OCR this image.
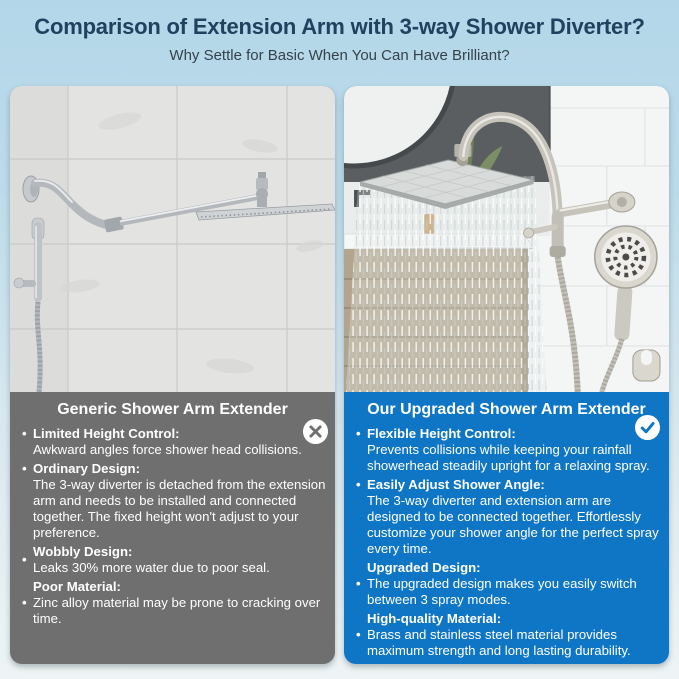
Comparison of Extension Arm with 3-way Shower Diverter?
Why Settle for Basic When You Can Have Brilliant?
Generic Shower Arm Extender
• Limited Height Control:
Awkward angles force shower head collisions.
• Ordinary Design:
The 3-way diverter is detached from the extension arm and needs to be installed and connected together. The fixed height won't adjust to your preference.
•
Wobbly Design:
Leaks 30% more water due to poor seal.
•
Poor Material:
Zinc alloy material may be prone to cracking over time.
Our Upgraded Shower Arm Extender
• Flexible Height Control:
Prevents collisions while keeping your rainfall showerhead steadily upright for a relaxing spray.
• Easily Adjust Shower Angle:
The 3-way diverter and extension arm are designed to be connected together. Effortlessly customize your shower angle for the perfect spray every time.
•
Upgraded Design:
The upgraded design makes you easily switch between 3 spray modes.
•
High-quality Material:
Brass and stainless steel material provides maximum strength and long lasting durability.
